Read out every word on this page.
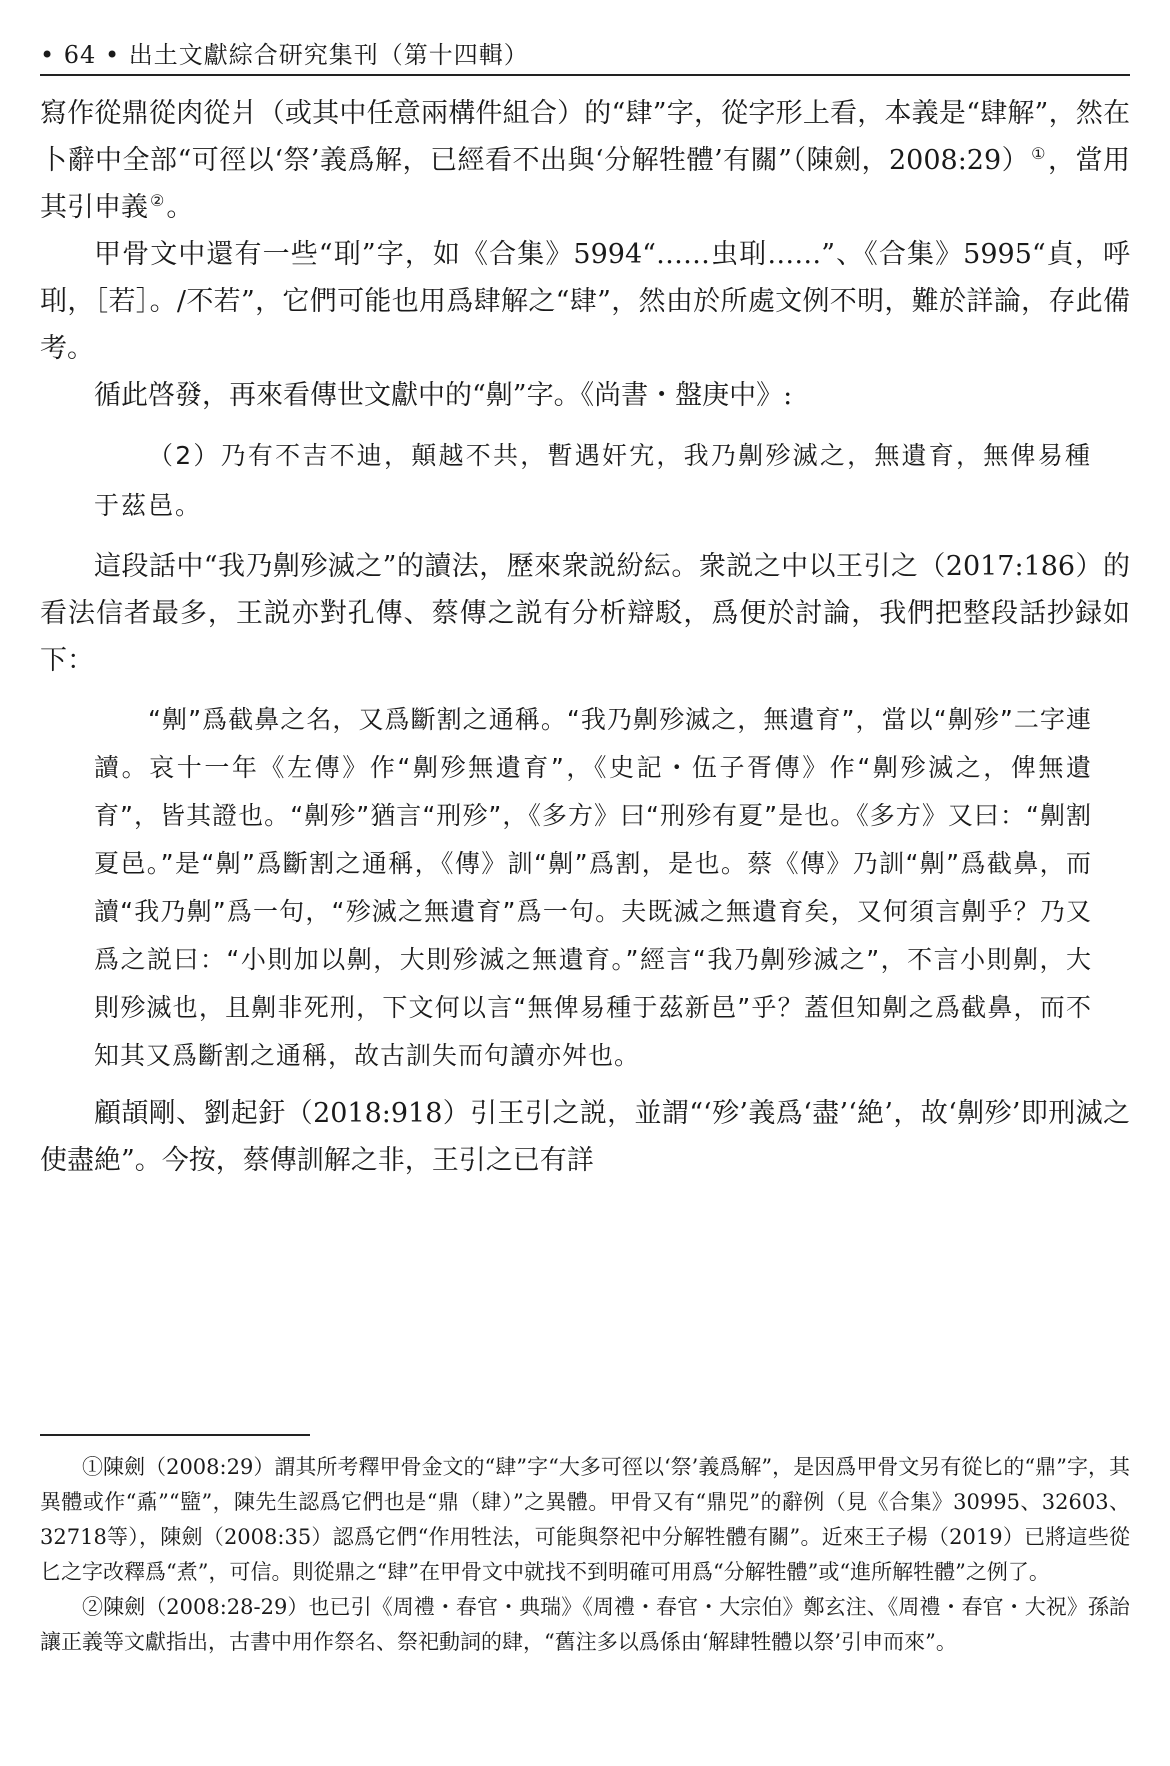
• 64 • 出土文獻綜合研究集刊（第十四輯）

寫作從鼎從肉從爿（或其中任意兩構件組合）的“肆”字，從字形上看，本義是“肆解”，然在卜辭中全部“可徑以‘祭’義爲解，已經看不出與‘分解牲體’有關”（陳劍，2008:29） ①，當用其引申義 ②。

甲骨文中還有一些“刵”字，如《合集》5994“……虫刵……”、《合集》5995“貞，呼刵，［若］。/不若”，它們可能也用爲肆解之“肆”，然由於所處文例不明，難於詳論，存此備考。

循此啓發，再來看傳世文獻中的“劓”字。《尚書・盤庚中》:

（2）乃有不吉不迪，顛越不共，暫遇奸宄，我乃劓殄滅之，無遺育，無俾易種于茲邑。

這段話中“我乃劓殄滅之”的讀法，歷來衆説紛紜。衆説之中以王引之（2017:186）的看法信者最多，王説亦對孔傳、蔡傳之説有分析辯駁，爲便於討論，我們把整段話抄録如下：

“劓”爲截鼻之名，又爲斷割之通稱。“我乃劓殄滅之，無遺育”，當以“劓殄”二字連讀。哀十一年《左傳》作“劓殄無遺育”，《史記・伍子胥傳》作“劓殄滅之，俾無遺育”，皆其證也。“劓殄”猶言“刑殄”，《多方》曰“刑殄有夏”是也。《多方》又曰：“劓割夏邑。”是“劓”爲斷割之通稱，《傳》訓“劓”爲割，是也。蔡《傳》乃訓“劓”爲截鼻，而讀“我乃劓”爲一句，“殄滅之無遺育”爲一句。夫既滅之無遺育矣，又何須言劓乎？乃又爲之説曰：“小則加以劓，大則殄滅之無遺育。”經言“我乃劓殄滅之”，不言小則劓，大則殄滅也，且劓非死刑，下文何以言“無俾易種于茲新邑”乎？蓋但知劓之爲截鼻，而不知其又爲斷割之通稱，故古訓失而句讀亦舛也。

顧頡剛、劉起釪（2018:918）引王引之説，並謂“‘殄’義爲‘盡’‘絶’，故‘劓殄’即刑滅之使盡絶”。今按，蔡傳訓解之非，王引之已有詳

①陳劍（2008:29）謂其所考釋甲骨金文的“肆”字“大多可徑以‘祭’義爲解”，是因爲甲骨文另有從匕的“鼎”字，其異體或作“鼒”“盬”，陳先生認爲它們也是“鼎（肆）”之異體。甲骨又有“鼎兕”的辭例（見《合集》30995、32603、32718等），陳劍（2008:35）認爲它們“作用牲法，可能與祭祀中分解牲體有關”。近來王子楊（2019）已將這些從匕之字改釋爲“煮”，可信。則從鼎之“肆”在甲骨文中就找不到明確可用爲“分解牲體”或“進所解牲體”之例了。

②陳劍（2008:28-29）也已引《周禮・春官・典瑞》《周禮・春官・大宗伯》鄭玄注、《周禮・春官・大祝》孫詒讓正義等文獻指出，古書中用作祭名、祭祀動詞的肆，“舊注多以爲係由‘解肆牲體以祭’引申而來”。
